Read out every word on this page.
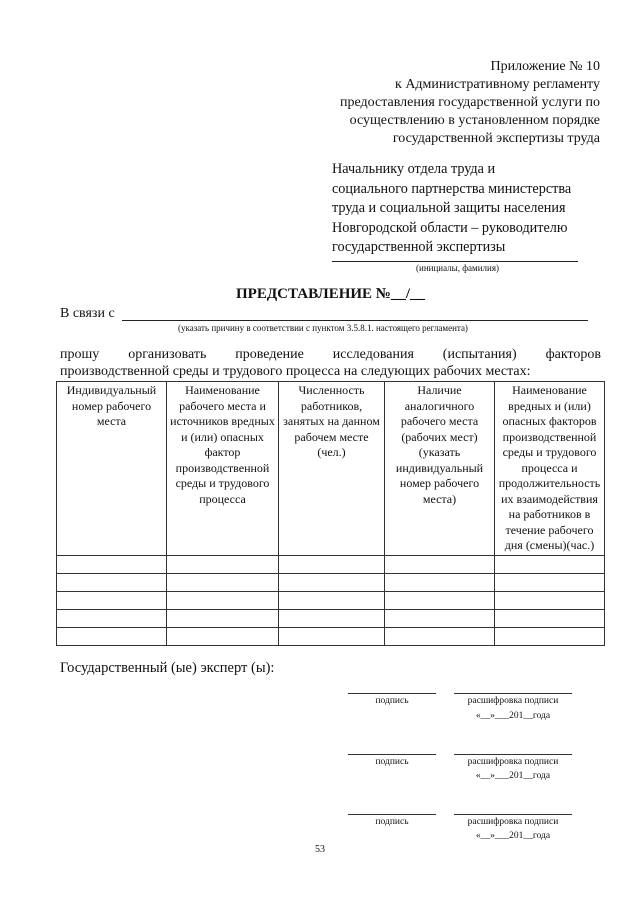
Приложение № 10
к Административному регламенту
предоставления государственной услуги по
осуществлению в установленном порядке
государственной экспертизы труда
Начальнику отдела труда и
социального партнерства министерства
труда и социальной защиты населения
Новгородской области – руководителю
государственной экспертизы
(инициалы, фамилия)
ПРЕДСТАВЛЕНИЕ №__/__
В связи с
(указать причину в соответствии с пунктом 3.5.8.1. настоящего регламента)
прошу организовать проведение исследования (испытания) факторов
производственной среды и трудового процесса на следующих рабочих местах:
Индивидуальный номер рабочего места	Наименование рабочего места и источников вредных и (или) опасных фактор производственной среды и трудового процесса	Численность работников, занятых на данном рабочем месте (чел.)	Наличие аналогичного рабочего места (рабочих мест) (указать индивидуальный номер рабочего места)	Наименование вредных и (или) опасных факторов производственной среды и трудового процесса и продолжительность их взаимодействия на работников в течение рабочего дня (смены)(час.)

Государственный (ые) эксперт (ы):
подпись	расшифровка подписи
«__»___201__года
подпись	расшифровка подписи
«__»___201__года
подпись	расшифровка подписи
«__»___201__года
53
